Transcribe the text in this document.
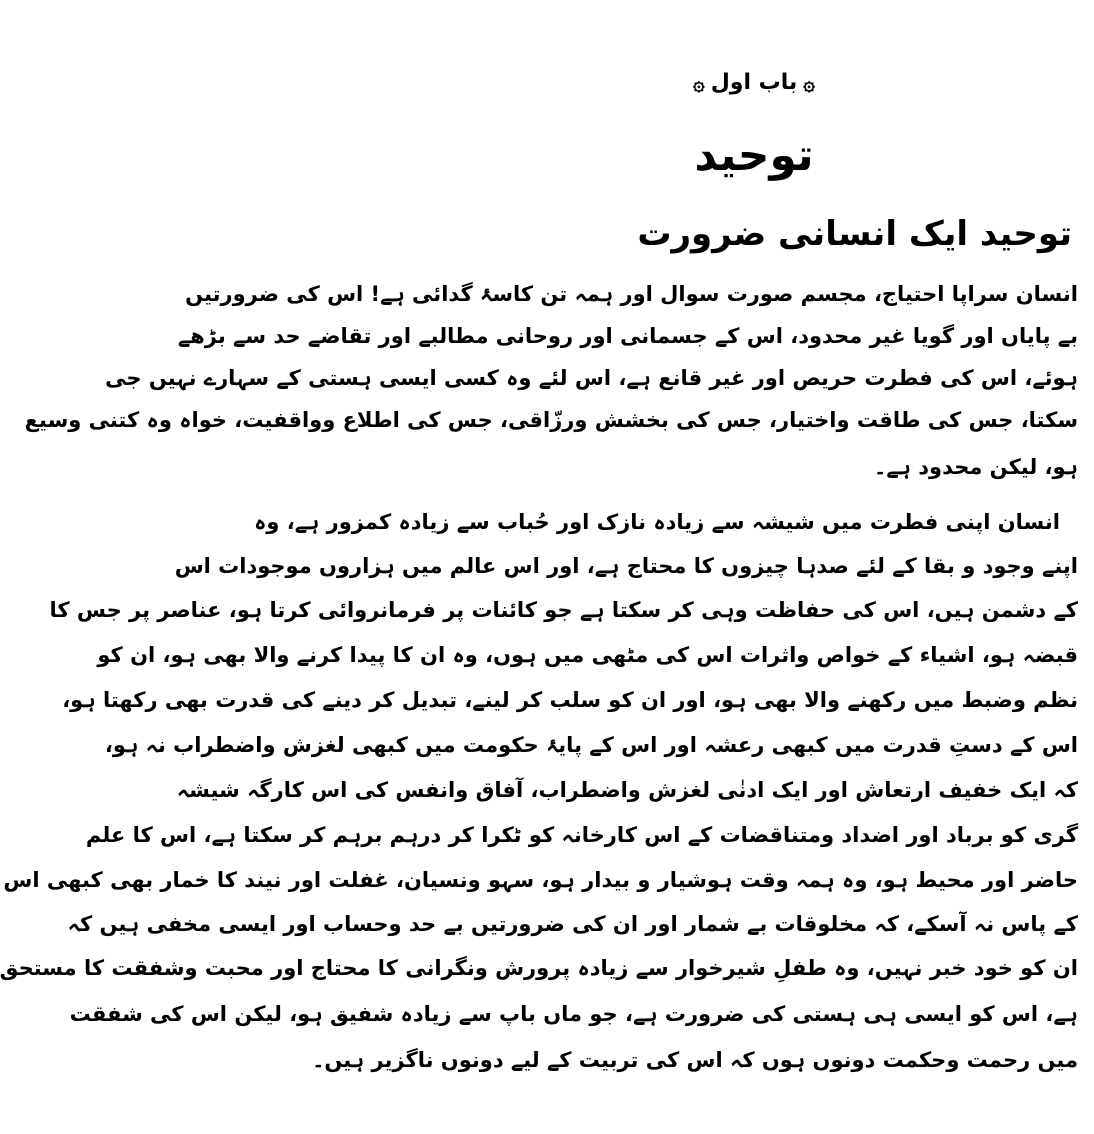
۞باب اول۞
توحید
توحید ایک انسانی ضرورت
انسان سراپا احتیاج، مجسم صورت سوال اور ہمہ تن کاسۂ گدائی ہے! اس کی ضرورتیں
بے پایاں اور گویا غیر محدود، اس کے جسمانی اور روحانی مطالبے اور تقاضے حد سے بڑھے
ہوئے، اس کی فطرت حریص اور غیر قانع ہے، اس لئے وہ کسی ایسی ہستی کے سہارے نہیں جی
سکتا، جس کی طاقت واختیار، جس کی بخشش ورزّاقی، جس کی اطلاع وواقفیت، خواہ وہ کتنی وسیع
ہو، لیکن محدود ہے۔
انسان اپنی فطرت میں شیشہ سے زیادہ نازک اور حُباب سے زیادہ کمزور ہے، وہ
اپنے وجود و بقا کے لئے صدہا چیزوں کا محتاج ہے، اور اس عالم میں ہزاروں موجودات اس
کے دشمن ہیں، اس کی حفاظت وہی کر سکتا ہے جو کائنات پر فرمانروائی کرتا ہو، عناصر پر جس کا
قبضہ ہو، اشیاء کے خواص واثرات اس کی مٹھی میں ہوں، وہ ان کا پیدا کرنے والا بھی ہو، ان کو
نظم وضبط میں رکھنے والا بھی ہو، اور ان کو سلب کر لینے، تبدیل کر دینے کی قدرت بھی رکھتا ہو،
اس کے دستِ قدرت میں کبھی رعشہ اور اس کے پایۂ حکومت میں کبھی لغزش واضطراب نہ ہو،
کہ ایک خفیف ارتعاش اور ایک ادنٰی لغزش واضطراب، آفاق وانفس کی اس کارگہ شیشہ
گری کو برباد اور اضداد ومتناقضات کے اس کارخانہ کو ٹکرا کر درہم برہم کر سکتا ہے، اس کا علم
حاضر اور محیط ہو، وہ ہمہ وقت ہوشیار و بیدار ہو، سہو ونسیان، غفلت اور نیند کا خمار بھی کبھی اس
کے پاس نہ آسکے، کہ مخلوقات بے شمار اور ان کی ضرورتیں بے حد وحساب اور ایسی مخفی ہیں کہ
ان کو خود خبر نہیں، وہ طفلِ شیرخوار سے زیادہ پرورش ونگرانی کا محتاج اور محبت وشفقت کا مستحق
ہے، اس کو ایسی ہی ہستی کی ضرورت ہے، جو ماں باپ سے زیادہ شفیق ہو، لیکن اس کی شفقت
میں رحمت وحکمت دونوں ہوں کہ اس کی تربیت کے لیے دونوں ناگزیر ہیں۔
